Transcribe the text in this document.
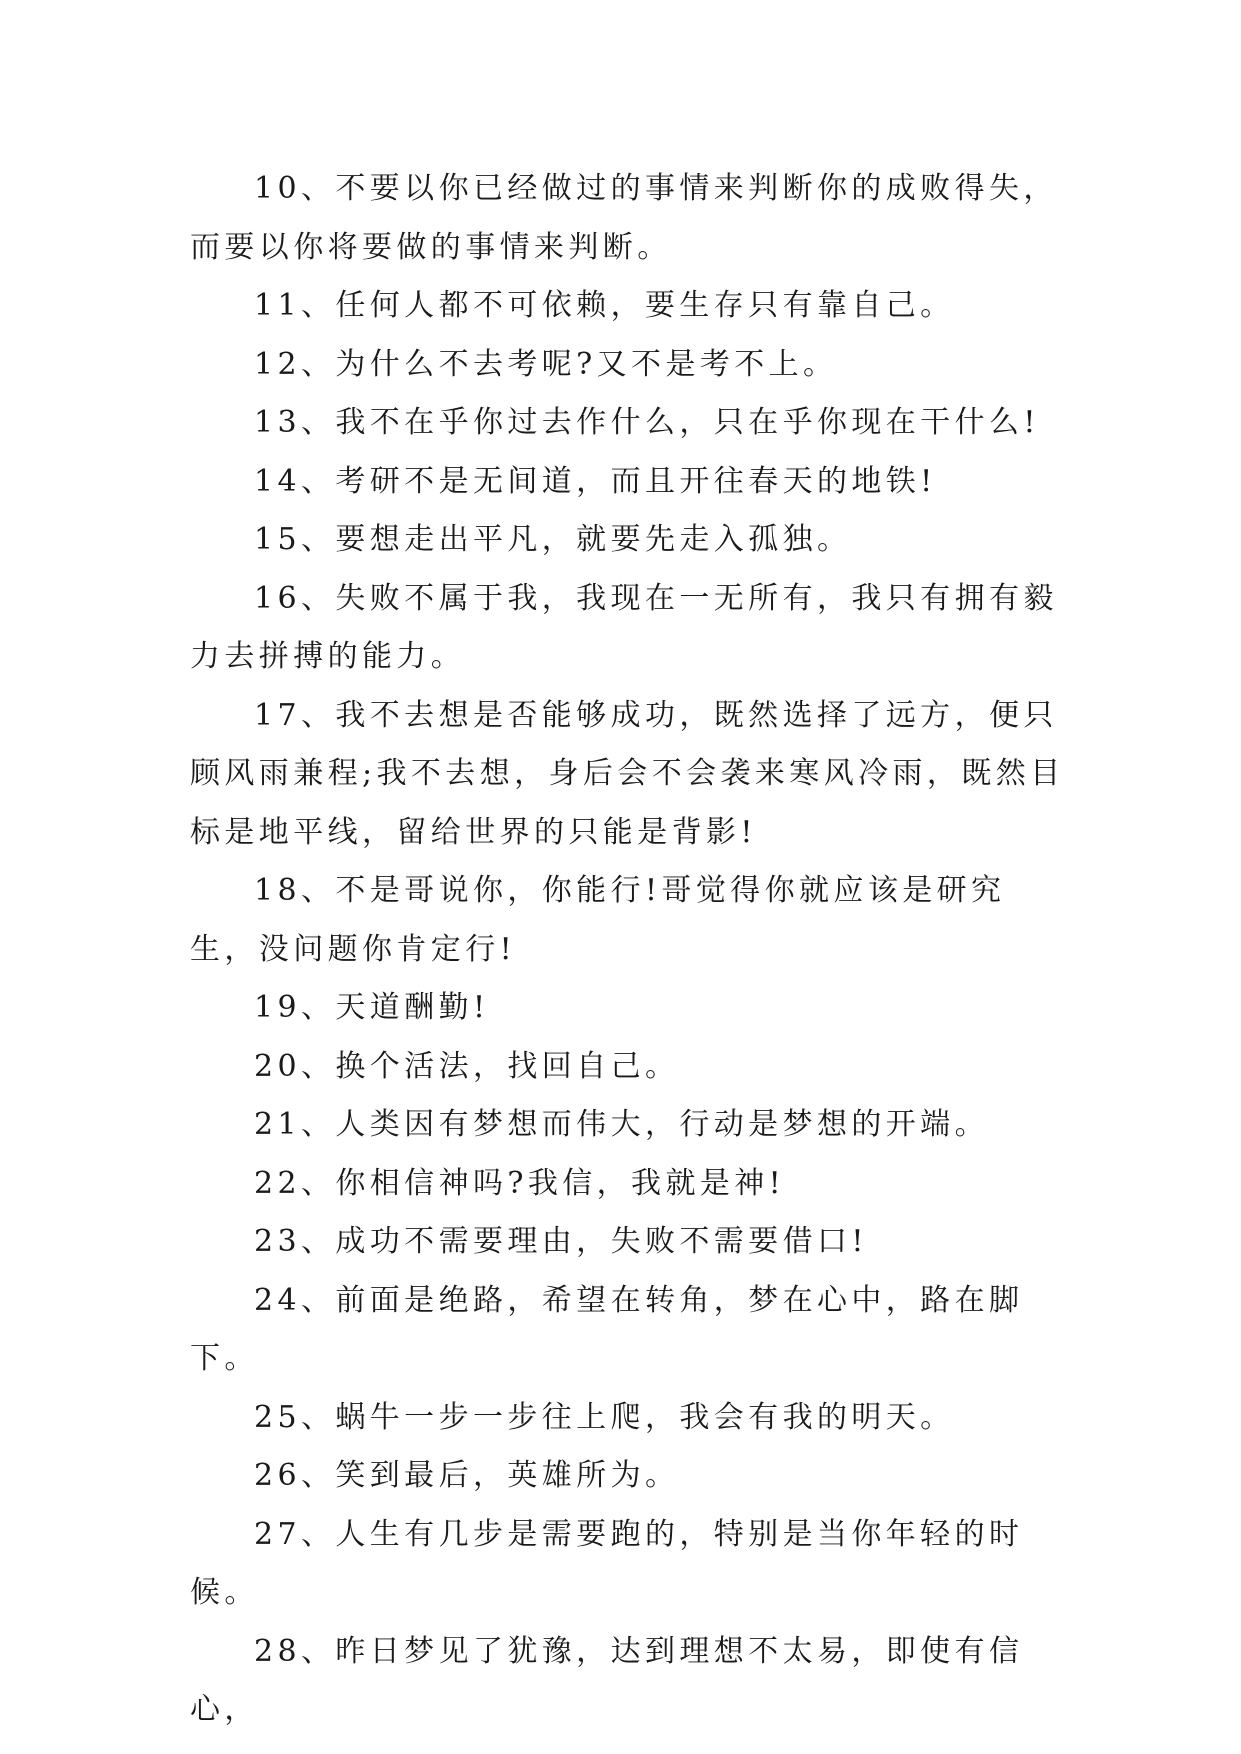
10、不要以你已经做过的事情来判断你的成败得失，而要以你将要做的事情来判断。

11、任何人都不可依赖，要生存只有靠自己。

12、为什么不去考呢?又不是考不上。

13、我不在乎你过去作什么，只在乎你现在干什么!

14、考研不是无间道，而且开往春天的地铁!

15、要想走出平凡，就要先走入孤独。

16、失败不属于我，我现在一无所有，我只有拥有毅力去拼搏的能力。

17、我不去想是否能够成功，既然选择了远方，便只顾风雨兼程;我不去想，身后会不会袭来寒风冷雨，既然目标是地平线，留给世界的只能是背影!

18、不是哥说你，你能行!哥觉得你就应该是研究生，没问题你肯定行!

19、天道酬勤!

20、换个活法，找回自己。

21、人类因有梦想而伟大，行动是梦想的开端。

22、你相信神吗?我信，我就是神!

23、成功不需要理由，失败不需要借口!

24、前面是绝路，希望在转角，梦在心中，路在脚下。

25、蜗牛一步一步往上爬，我会有我的明天。

26、笑到最后，英雄所为。

27、人生有几步是需要跑的，特别是当你年轻的时候。

28、昨日梦见了犹豫，达到理想不太易，即使有信心，
